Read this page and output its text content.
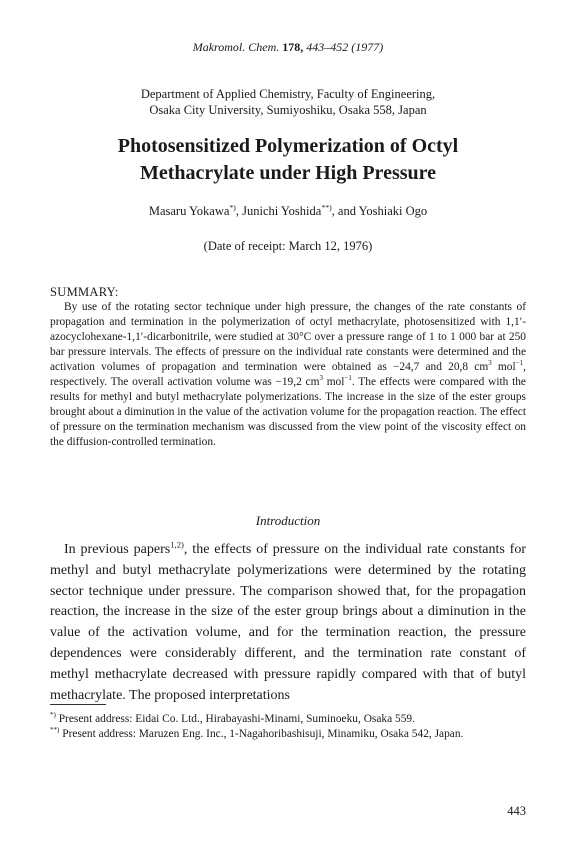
Makromol. Chem. 178, 443–452 (1977)
Department of Applied Chemistry, Faculty of Engineering,
Osaka City University, Sumiyoshiku, Osaka 558, Japan
Photosensitized Polymerization of Octyl
Methacrylate under High Pressure
Masaru Yokawa*), Junichi Yoshida**), and Yoshiaki Ogo
(Date of receipt: March 12, 1976)
SUMMARY:

By use of the rotating sector technique under high pressure, the changes of the rate constants of propagation and termination in the polymerization of octyl methacrylate, photosensitized with 1,1′-azocyclohexane-1,1′-dicarbonitrile, were studied at 30°C over a pressure range of 1 to 1 000 bar at 250 bar pressure intervals. The effects of pressure on the individual rate constants were determined and the activation volumes of propagation and termination were obtained as −24,7 and 20,8 $cm^3$ mol$^{-1}$, respectively. The overall activation volume was −19,2 $cm^3$ mol$^{-1}$. The effects were compared with the results for methyl and butyl methacrylate polymerizations. The increase in the size of the ester groups brought about a diminution in the value of the activation volume for the propagation reaction. The effect of pressure on the termination mechanism was discussed from the view point of the viscosity effect on the diffusion-controlled termination.

Introduction

In previous papers$^{1,2)}$, the effects of pressure on the individual rate constants for methyl and butyl methacrylate polymerizations were determined by the rotating sector technique under pressure. The comparison showed that, for the propagation reaction, the increase in the size of the ester group brings about a diminution in the value of the activation volume, and for the termination reaction, the pressure dependences were considerably different, and the termination rate constant of methyl methacrylate decreased with pressure rapidly compared with that of butyl methacrylate. The proposed interpretations

*) Present address: Eidai Co. Ltd., Hirabayashi-Minami, Suminoeku, Osaka 559.

**) Present address: Maruzen Eng. Inc., 1-Nagahoribashisuji, Minamiku, Osaka 542, Japan.

443
